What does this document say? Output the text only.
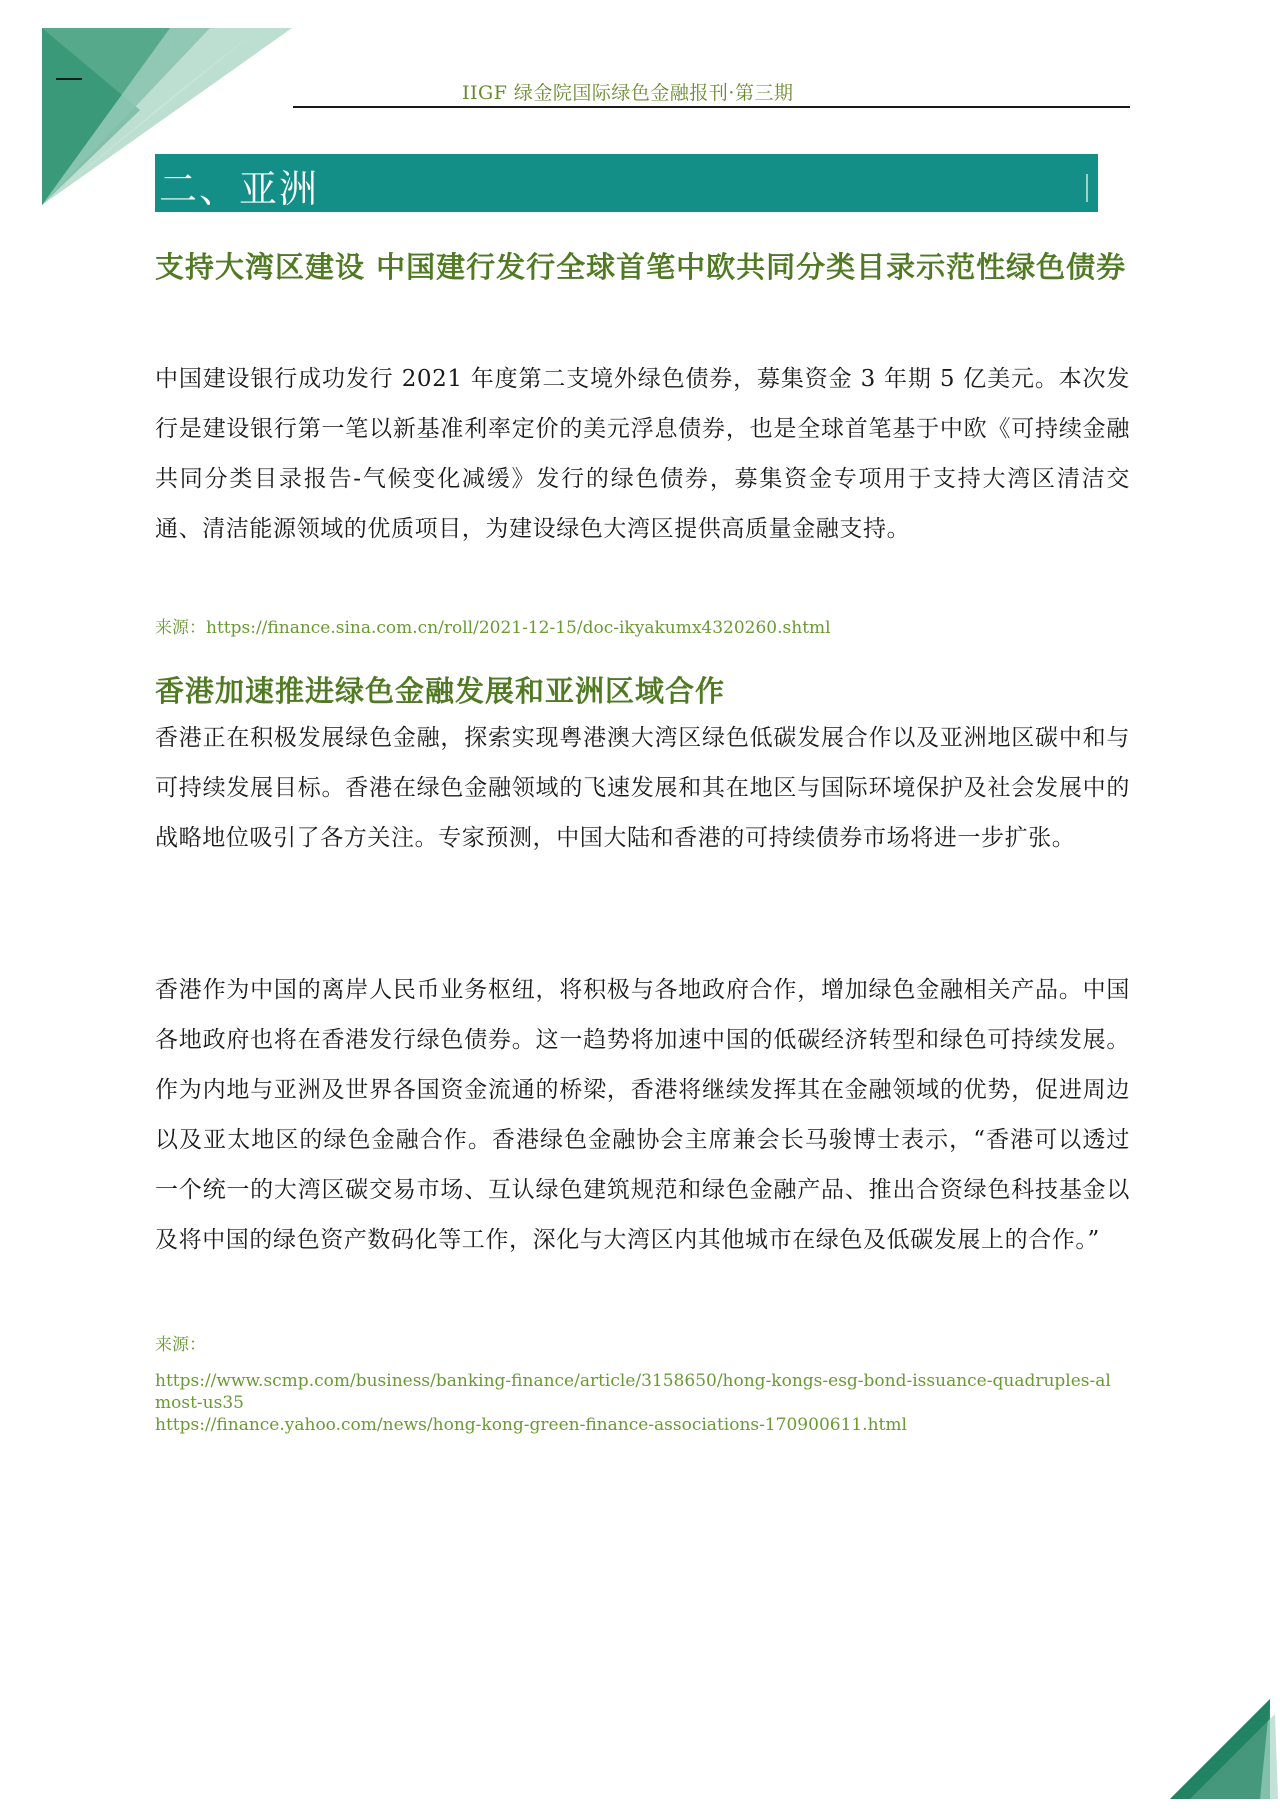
IIGF 绿金院国际绿色金融报刊·第三期
二、亚洲

支持大湾区建设 中国建行发行全球首笔中欧共同分类目录示范性绿色债券

中国建设银行成功发行 2021 年度第二支境外绿色债券，募集资金 3 年期 5 亿美元。本次发行是建设银行第一笔以新基准利率定价的美元浮息债券，也是全球首笔基于中欧《可持续金融共同分类目录报告-气候变化减缓》发行的绿色债券，募集资金专项用于支持大湾区清洁交通、清洁能源领域的优质项目，为建设绿色大湾区提供高质量金融支持。

来源：https://finance.sina.com.cn/roll/2021-12-15/doc-ikyakumx4320260.shtml

香港加速推进绿色金融发展和亚洲区域合作

香港正在积极发展绿色金融，探索实现粤港澳大湾区绿色低碳发展合作以及亚洲地区碳中和与可持续发展目标。香港在绿色金融领域的飞速发展和其在地区与国际环境保护及社会发展中的战略地位吸引了各方关注。专家预测，中国大陆和香港的可持续债券市场将进一步扩张。

香港作为中国的离岸人民币业务枢纽，将积极与各地政府合作，增加绿色金融相关产品。中国各地政府也将在香港发行绿色债券。这一趋势将加速中国的低碳经济转型和绿色可持续发展。作为内地与亚洲及世界各国资金流通的桥梁，香港将继续发挥其在金融领域的优势，促进周边以及亚太地区的绿色金融合作。香港绿色金融协会主席兼会长马骏博士表示，“香港可以透过一个统一的大湾区碳交易市场、互认绿色建筑规范和绿色金融产品、推出合资绿色科技基金以及将中国的绿色资产数码化等工作，深化与大湾区内其他城市在绿色及低碳发展上的合作。”

来源：

https://www.scmp.com/business/banking-finance/article/3158650/hong-kongs-esg-bond-issuance-quadruples-almost-us35

https://finance.yahoo.com/news/hong-kong-green-finance-associations-170900611.html
